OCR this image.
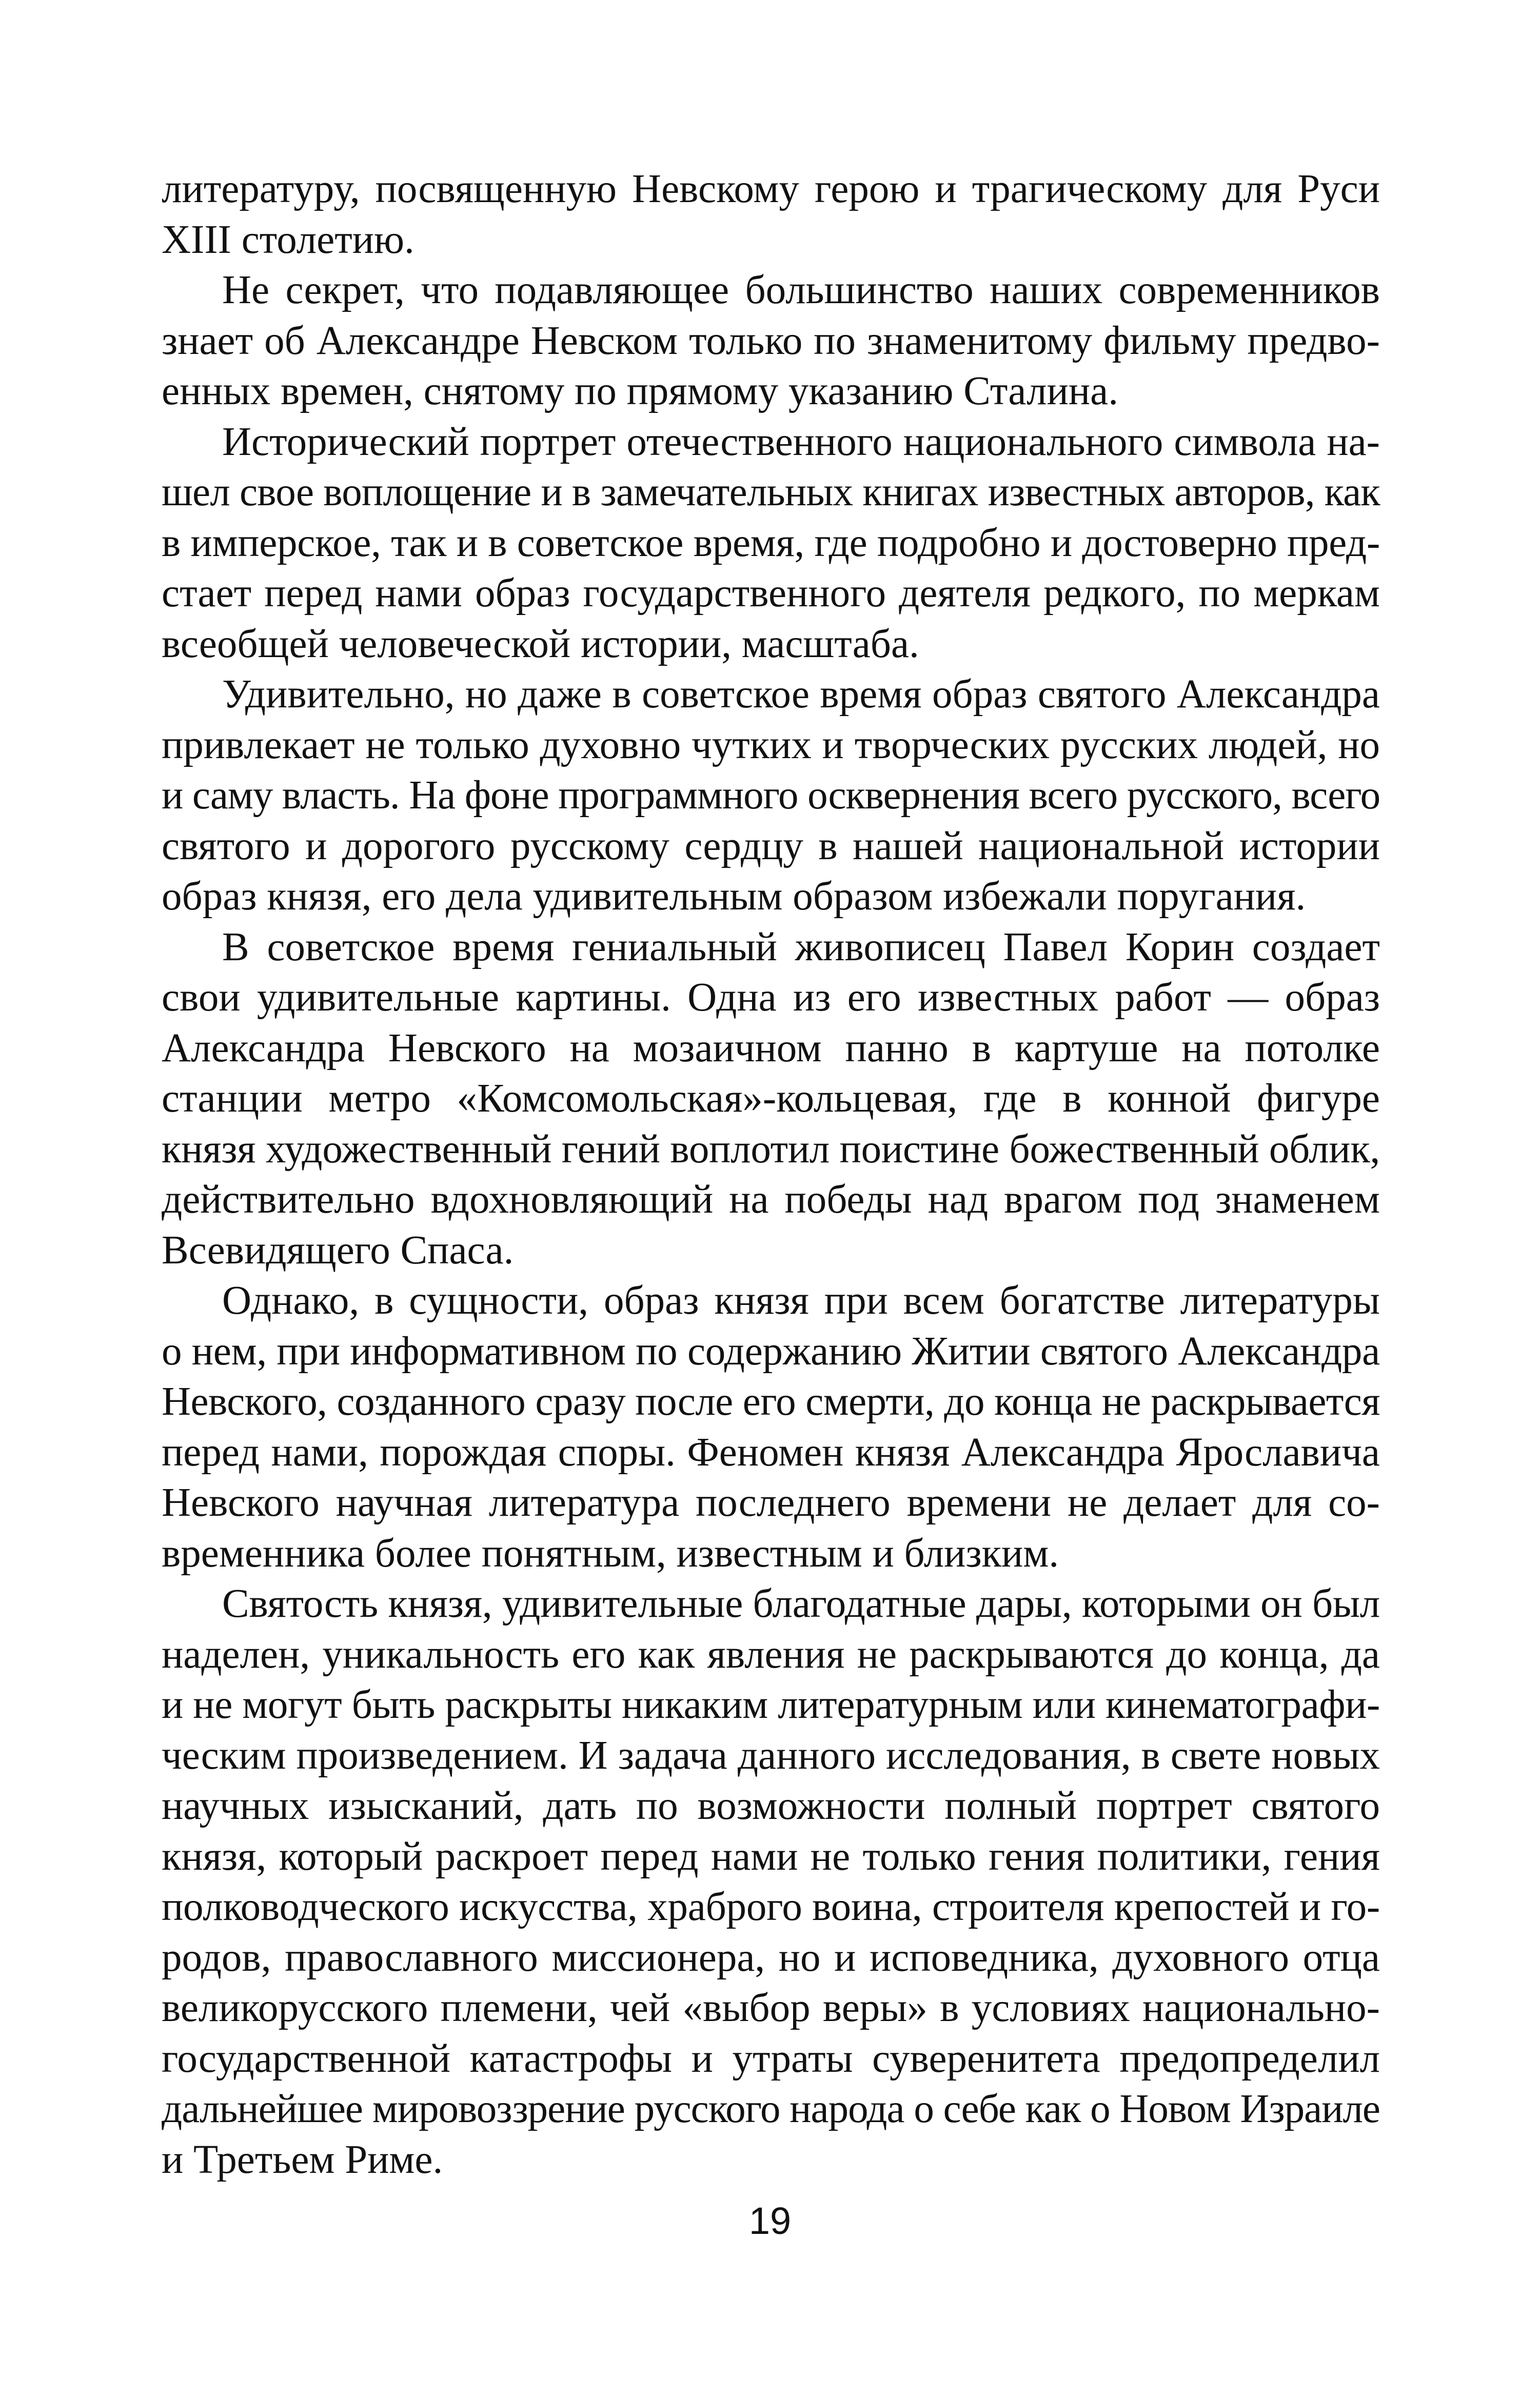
литературу, посвященную Невскому герою и трагическому для Руси
XIII столетию.
Не секрет, что подавляющее большинство наших современников
знает об Александре Невском только по знаменитому фильму предво-
енных времен, снятому по прямому указанию Сталина.
Исторический портрет отечественного национального символа на-
шел свое воплощение и в замечательных книгах известных авторов, как
в имперское, так и в советское время, где подробно и достоверно пред-
стает перед нами образ государственного деятеля редкого, по меркам
всеобщей человеческой истории, масштаба.
Удивительно, но даже в советское время образ святого Александра
привлекает не только духовно чутких и творческих русских людей, но
и саму власть. На фоне программного осквернения всего русского, всего
святого и дорогого русскому сердцу в нашей национальной истории
образ князя, его дела удивительным образом избежали поругания.
В советское время гениальный живописец Павел Корин создает
свои удивительные картины. Одна из его известных работ — образ
Александра Невского на мозаичном панно в картуше на потолке
станции метро «Комсомольская»-кольцевая, где в конной фигуре
князя художественный гений воплотил поистине божественный облик,
действительно вдохновляющий на победы над врагом под знаменем
Всевидящего Спаса.
Однако, в сущности, образ князя при всем богатстве литературы
о нем, при информативном по содержанию Житии святого Александра
Невского, созданного сразу после его смерти, до конца не раскрывается
перед нами, порождая споры. Феномен князя Александра Ярославича
Невского научная литература последнего времени не делает для со-
временника более понятным, известным и близким.
Святость князя, удивительные благодатные дары, которыми он был
наделен, уникальность его как явления не раскрываются до конца, да
и не могут быть раскрыты никаким литературным или кинематографи-
ческим произведением. И задача данного исследования, в свете новых
научных изысканий, дать по возможности полный портрет святого
князя, который раскроет перед нами не только гения политики, гения
полководческого искусства, храброго воина, строителя крепостей и го-
родов, православного миссионера, но и исповедника, духовного отца
великорусского племени, чей «выбор веры» в условиях национально-
государственной катастрофы и утраты суверенитета предопределил
дальнейшее мировоззрение русского народа о себе как о Новом Израиле
и Третьем Риме.
19
